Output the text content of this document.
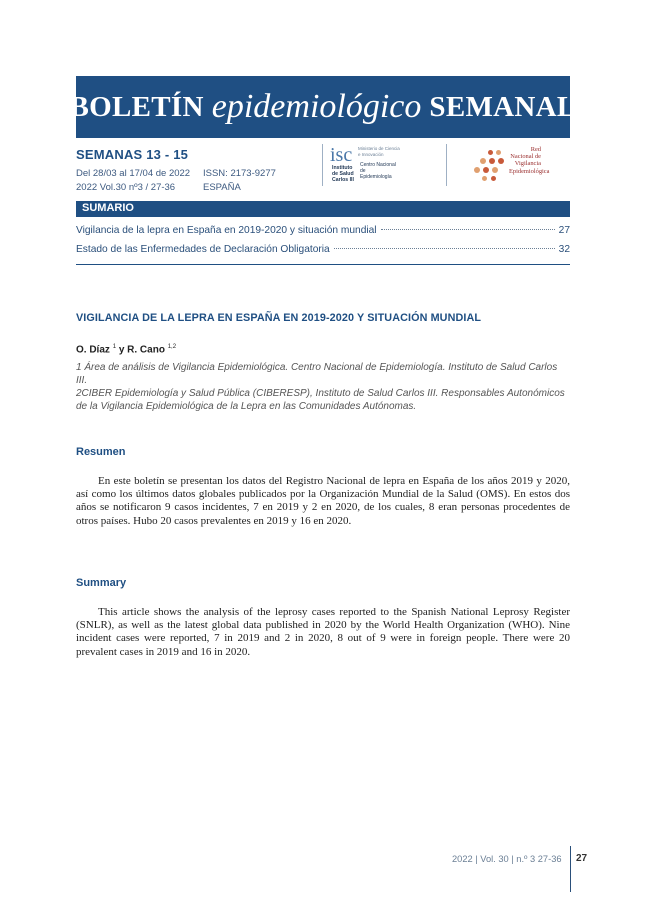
BOLETÍN epidemiológico SEMANAL
SEMANAS 13 - 15
Del 28/03 al 17/04 de 2022
2022 Vol.30 nº3 / 27-36
ISSN: 2173-9277
ESPAÑA
isc Ministerio de Ciencia
e Innovación
Instituto
de Salud
Carlos III
Centro Nacional
de
Epidemiología
Red
Nacional de
Vigilancia
Epidemiológica
SUMARIO
Vigilancia de la lepra en España en 2019-2020 y situación mundial	27
Estado de las Enfermedades de Declaración Obligatoria	32
VIGILANCIA DE LA LEPRA EN ESPAÑA EN 2019-2020 Y SITUACIÓN MUNDIAL
O. Díaz $^1$ y R. Cano $^{1,2}$
1 Área de análisis de Vigilancia Epidemiológica. Centro Nacional de Epidemiología. Instituto de Salud Carlos III.
2CIBER Epidemiología y Salud Pública (CIBERESP), Instituto de Salud Carlos III. Responsables Autonómicos de la Vigilancia Epidemiológica de la Lepra en las Comunidades Autónomas.
Resumen

En este boletín se presentan los datos del Registro Nacional de lepra en España de los años 2019 y 2020, así como los últimos datos globales publicados por la Organización Mundial de la Salud (OMS). En estos dos años se notificaron 9 casos incidentes, 7 en 2019 y 2 en 2020, de los cuales, 8 eran personas procedentes de otros países. Hubo 20 casos prevalentes en 2019 y 16 en 2020.

Summary

This article shows the analysis of the leprosy cases reported to the Spanish National Leprosy Register (SNLR), as well as the latest global data published in 2020 by the World Health Organization (WHO). Nine incident cases were reported, 7 in 2019 and 2 in 2020, 8 out of 9 were in foreign people. There were 20 prevalent cases in 2019 and 16 in 2020.

2022 | Vol. 30 | n.º 3 27-36 27
